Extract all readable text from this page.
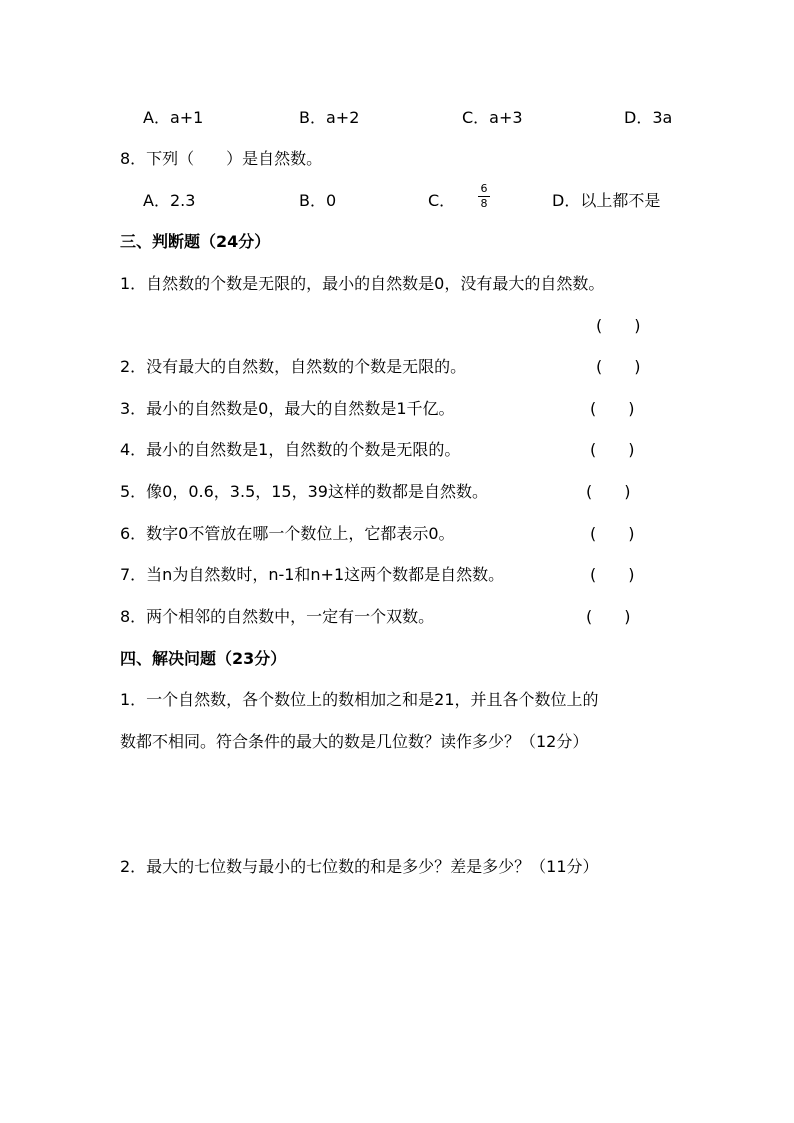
A．a+1	B．a+2	C．a+3	D．3a
8．下列（　　）是自然数。
A．2.3	B．0	C．
6
8	D．以上都不是
三、判断题（24分）
1．自然数的个数是无限的，最小的自然数是0，没有最大的自然数。
(　　)
2．没有最大的自然数，自然数的个数是无限的。	(　　)
3．最小的自然数是0，最大的自然数是1千亿。	(　　)
4．最小的自然数是1，自然数的个数是无限的。	(　　)
5．像0，0.6，3.5，15，39这样的数都是自然数。	(　　)
6．数字0不管放在哪一个数位上，它都表示0。	(　　)
7．当n为自然数时，n-1和n+1这两个数都是自然数。	(　　)
8．两个相邻的自然数中，一定有一个双数。	(　　)
四、解决问题（23分）
1．一个自然数，各个数位上的数相加之和是21，并且各个数位上的
数都不相同。符合条件的最大的数是几位数？读作多少？（12分）
2．最大的七位数与最小的七位数的和是多少？差是多少？（11分）
